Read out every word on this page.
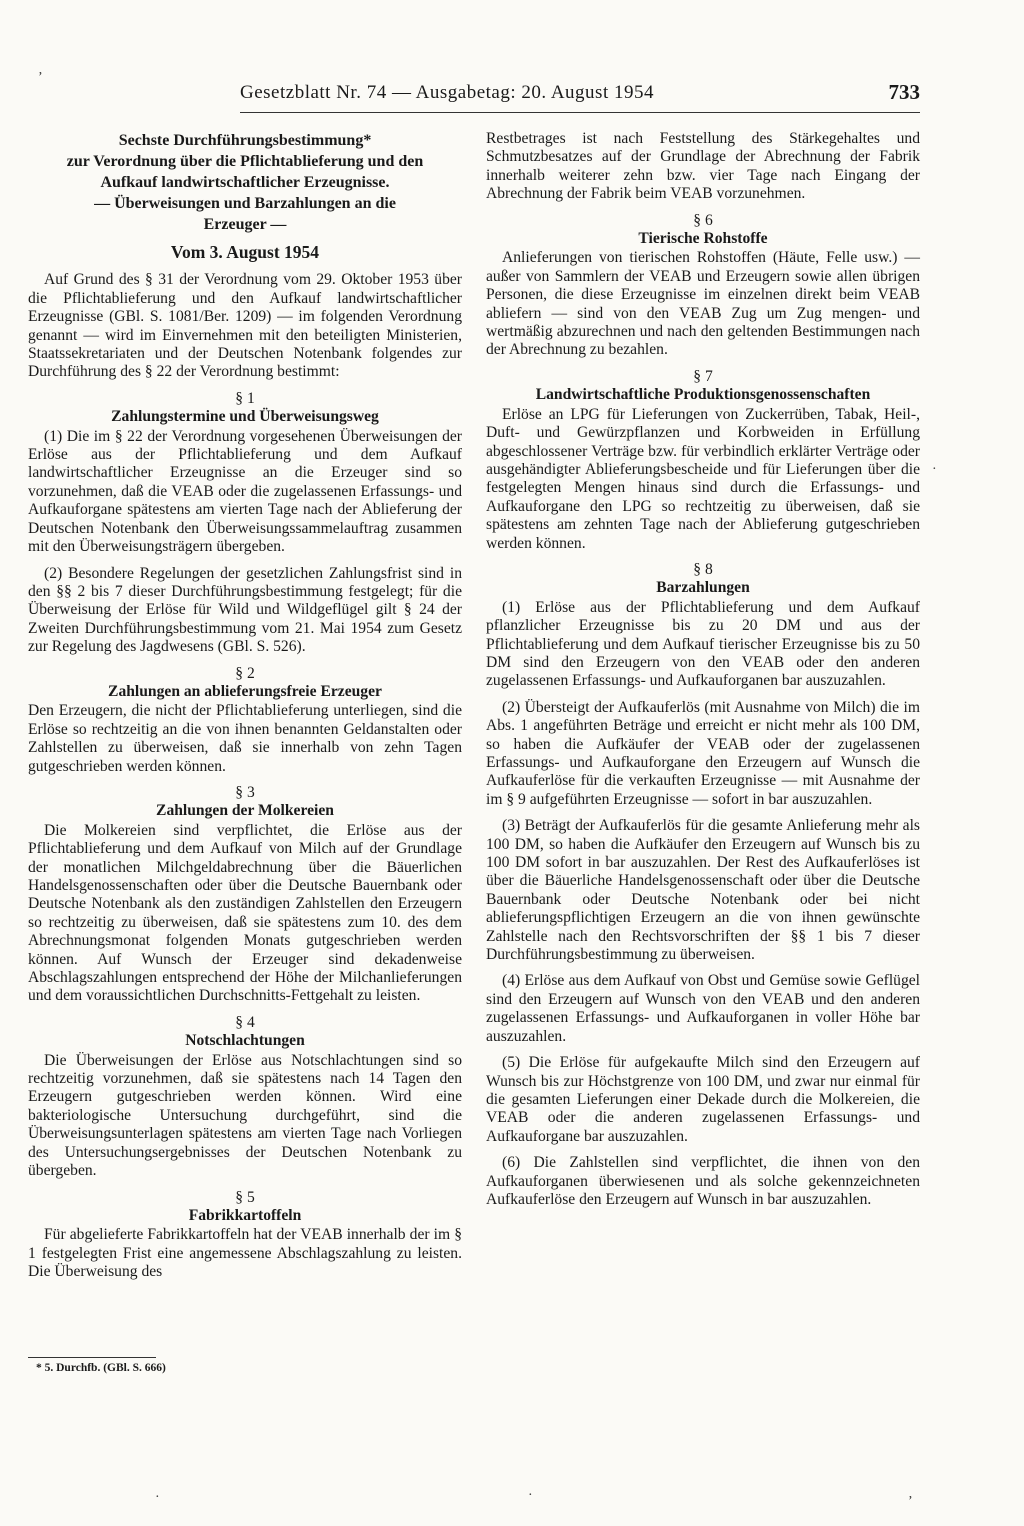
Gesetzblatt Nr. 74 — Ausgabetag: 20. August 1954	733
Sechste Durchführungsbestimmung*
zur Verordnung über die Pflichtablieferung und den
Aufkauf landwirtschaftlicher Erzeugnisse.
— Überweisungen und Barzahlungen an die
Erzeuger —
Vom 3. August 1954

Auf Grund des § 31 der Verordnung vom 29. Oktober 1953 über die Pflichtablieferung und den Aufkauf landwirtschaftlicher Erzeugnisse (GBl. S. 1081/Ber. 1209) — im folgenden Verordnung genannt — wird im Einvernehmen mit den beteiligten Ministerien, Staatssekretariaten und der Deutschen Notenbank folgendes zur Durchführung des § 22 der Verordnung bestimmt:

§ 1
Zahlungstermine und Überweisungsweg

(1) Die im § 22 der Verordnung vorgesehenen Überweisungen der Erlöse aus der Pflichtablieferung und dem Aufkauf landwirtschaftlicher Erzeugnisse an die Erzeuger sind so vorzunehmen, daß die VEAB oder die zugelassenen Erfassungs- und Aufkauforgane spätestens am vierten Tage nach der Ablieferung der Deutschen Notenbank den Überweisungssammelauftrag zusammen mit den Überweisungsträgern übergeben.

(2) Besondere Regelungen der gesetzlichen Zahlungsfrist sind in den §§ 2 bis 7 dieser Durchführungsbestimmung festgelegt; für die Überweisung der Erlöse für Wild und Wildgeflügel gilt § 24 der Zweiten Durchführungsbestimmung vom 21. Mai 1954 zum Gesetz zur Regelung des Jagdwesens (GBl. S. 526).

§ 2
Zahlungen an ablieferungsfreie Erzeuger

Den Erzeugern, die nicht der Pflichtablieferung unterliegen, sind die Erlöse so rechtzeitig an die von ihnen benannten Geldanstalten oder Zahlstellen zu überweisen, daß sie innerhalb von zehn Tagen gutgeschrieben werden können.

§ 3
Zahlungen der Molkereien

Die Molkereien sind verpflichtet, die Erlöse aus der Pflichtablieferung und dem Aufkauf von Milch auf der Grundlage der monatlichen Milchgeldabrechnung über die Bäuerlichen Handelsgenossenschaften oder über die Deutsche Bauernbank oder Deutsche Notenbank als den zuständigen Zahlstellen den Erzeugern so rechtzeitig zu überweisen, daß sie spätestens zum 10. des dem Abrechnungsmonat folgenden Monats gutgeschrieben werden können. Auf Wunsch der Erzeuger sind dekadenweise Abschlagszahlungen entsprechend der Höhe der Milchanlieferungen und dem voraussichtlichen Durchschnitts-Fettgehalt zu leisten.

§ 4
Notschlachtungen

Die Überweisungen der Erlöse aus Notschlachtungen sind so rechtzeitig vorzunehmen, daß sie spätestens nach 14 Tagen den Erzeugern gutgeschrieben werden können. Wird eine bakteriologische Untersuchung durchgeführt, sind die Überweisungsunterlagen spätestens am vierten Tage nach Vorliegen des Untersuchungsergebnisses der Deutschen Notenbank zu übergeben.

§ 5
Fabrikkartoffeln

Für abgelieferte Fabrikkartoffeln hat der VEAB innerhalb der im § 1 festgelegten Frist eine angemessene Abschlagszahlung zu leisten. Die Überweisung des

Restbetrages ist nach Feststellung des Stärkegehaltes und Schmutzbesatzes auf der Grundlage der Abrechnung der Fabrik innerhalb weiterer zehn bzw. vier Tage nach Eingang der Abrechnung der Fabrik beim VEAB vorzunehmen.

§ 6
Tierische Rohstoffe

Anlieferungen von tierischen Rohstoffen (Häute, Felle usw.) — außer von Sammlern der VEAB und Erzeugern sowie allen übrigen Personen, die diese Erzeugnisse im einzelnen direkt beim VEAB abliefern — sind von den VEAB Zug um Zug mengen- und wertmäßig abzurechnen und nach den geltenden Bestimmungen nach der Abrechnung zu bezahlen.

§ 7
Landwirtschaftliche Produktionsgenossenschaften

Erlöse an LPG für Lieferungen von Zuckerrüben, Tabak, Heil-, Duft- und Gewürzpflanzen und Korbweiden in Erfüllung abgeschlossener Verträge bzw. für verbindlich erklärter Verträge oder ausgehändigter Ablieferungsbescheide und für Lieferungen über die festgelegten Mengen hinaus sind durch die Erfassungs- und Aufkauforgane den LPG so rechtzeitig zu überweisen, daß sie spätestens am zehnten Tage nach der Ablieferung gutgeschrieben werden können.

§ 8
Barzahlungen

(1) Erlöse aus der Pflichtablieferung und dem Aufkauf pflanzlicher Erzeugnisse bis zu 20 DM und aus der Pflichtablieferung und dem Aufkauf tierischer Erzeugnisse bis zu 50 DM sind den Erzeugern von den VEAB oder den anderen zugelassenen Erfassungs- und Aufkauforganen bar auszuzahlen.

(2) Übersteigt der Aufkauferlös (mit Ausnahme von Milch) die im Abs. 1 angeführten Beträge und erreicht er nicht mehr als 100 DM, so haben die Aufkäufer der VEAB oder der zugelassenen Erfassungs- und Aufkauforgane den Erzeugern auf Wunsch die Aufkauferlöse für die verkauften Erzeugnisse — mit Ausnahme der im § 9 aufgeführten Erzeugnisse — sofort in bar auszuzahlen.

(3) Beträgt der Aufkauferlös für die gesamte Anlieferung mehr als 100 DM, so haben die Aufkäufer den Erzeugern auf Wunsch bis zu 100 DM sofort in bar auszuzahlen. Der Rest des Aufkauferlöses ist über die Bäuerliche Handelsgenossenschaft oder über die Deutsche Bauernbank oder Deutsche Notenbank oder bei nicht ablieferungspflichtigen Erzeugern an die von ihnen gewünschte Zahlstelle nach den Rechtsvorschriften der §§ 1 bis 7 dieser Durchführungsbestimmung zu überweisen.

(4) Erlöse aus dem Aufkauf von Obst und Gemüse sowie Geflügel sind den Erzeugern auf Wunsch von den VEAB und den anderen zugelassenen Erfassungs- und Aufkauforganen in voller Höhe bar auszuzahlen.

(5) Die Erlöse für aufgekaufte Milch sind den Erzeugern auf Wunsch bis zur Höchstgrenze von 100 DM, und zwar nur einmal für die gesamten Lieferungen einer Dekade durch die Molkereien, die VEAB oder die anderen zugelassenen Erfassungs- und Aufkauforgane bar auszuzahlen.

(6) Die Zahlstellen sind verpflichtet, die ihnen von den Aufkauforganen überwiesenen und als solche gekennzeichneten Aufkauferlöse den Erzeugern auf Wunsch in bar auszuzahlen.

* 5. Durchfb. (GBl. S. 666)
’
·
·	·	’
